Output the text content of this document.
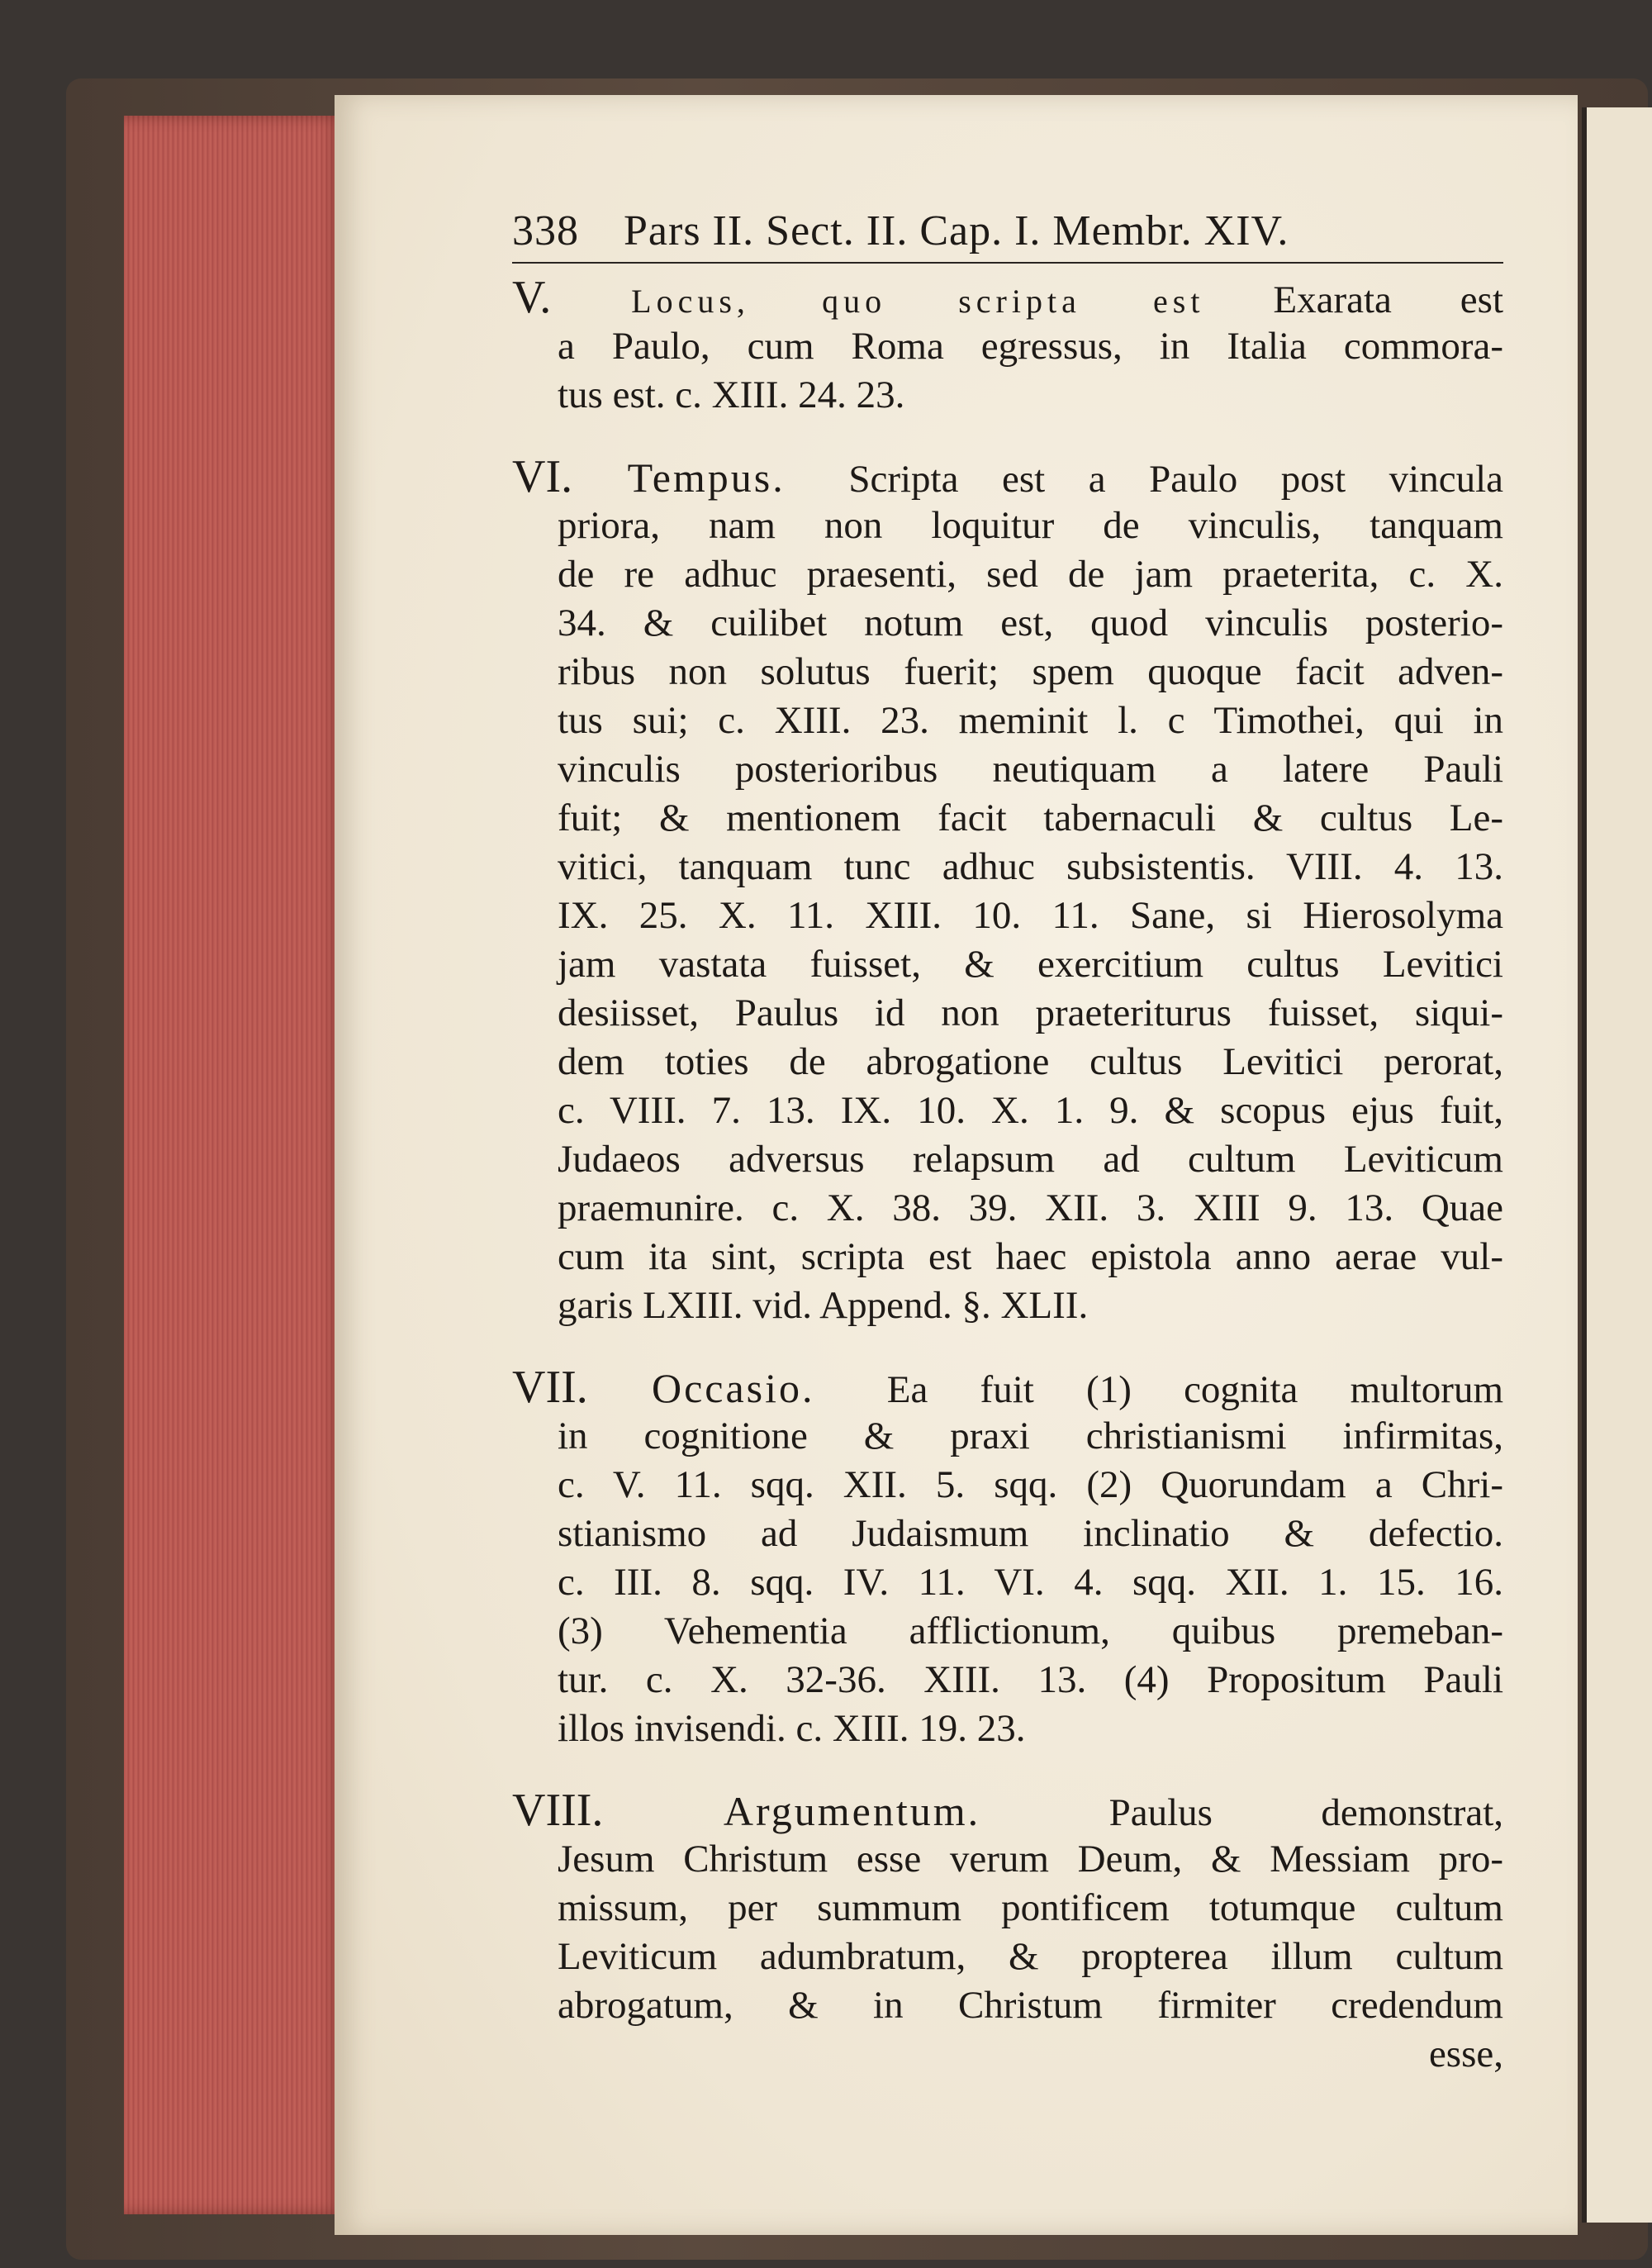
338 Pars II. Sect. II. Cap. I. Membr. XIV.
V. Locus, quo scripta est Exarata est
a Paulo, cum Roma egressus, in Italia commora-
tus est. c. XIII. 24. 23.
VI. Tempus. Scripta est a Paulo post vincula
priora, nam non loquitur de vinculis, tanquam
de re adhuc praesenti, sed de jam praeterita, c. X.
34. & cuilibet notum est, quod vinculis posterio-
ribus non solutus fuerit; spem quoque facit adven-
tus sui; c. XIII. 23. meminit l. c Timothei, qui in
vinculis posterioribus neutiquam a latere Pauli
fuit; & mentionem facit tabernaculi & cultus Le-
vitici, tanquam tunc adhuc subsistentis. VIII. 4. 13.
IX. 25. X. 11. XIII. 10. 11. Sane, si Hierosolyma
jam vastata fuisset, & exercitium cultus Levitici
desiisset, Paulus id non praeteriturus fuisset, siqui-
dem toties de abrogatione cultus Levitici perorat,
c. VIII. 7. 13. IX. 10. X. 1. 9. & scopus ejus fuit,
Judaeos adversus relapsum ad cultum Leviticum
praemunire. c. X. 38. 39. XII. 3. XIII 9. 13. Quae
cum ita sint, scripta est haec epistola anno aerae vul-
garis LXIII. vid. Append. §. XLII.
VII. Occasio. Ea fuit (1) cognita multorum
in cognitione & praxi christianismi infirmitas,
c. V. 11. sqq. XII. 5. sqq. (2) Quorundam a Chri-
stianismo ad Judaismum inclinatio & defectio.
c. III. 8. sqq. IV. 11. VI. 4. sqq. XII. 1. 15. 16.
(3) Vehementia afflictionum, quibus premeban-
tur. c. X. 32-36. XIII. 13. (4) Propositum Pauli
illos invisendi. c. XIII. 19. 23.
VIII.	Argumentum.	Paulus demonstrat,
Jesum Christum esse verum Deum, & Messiam pro-
missum, per summum pontificem totumque cultum
Leviticum adumbratum, & propterea illum cultum
abrogatum, & in Christum firmiter credendum
esse,
